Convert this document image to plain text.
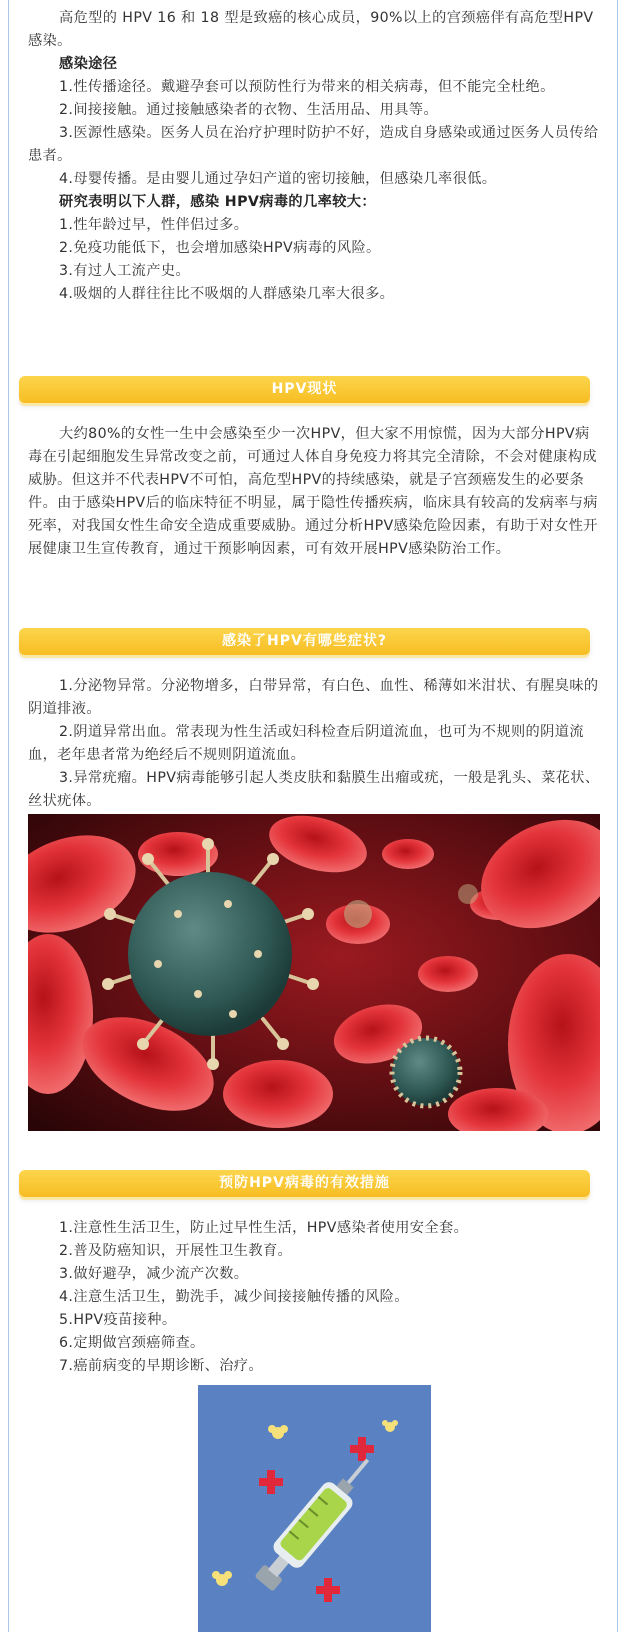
高危型的 HPV 16 和 18 型是致癌的核心成员，90%以上的宫颈癌伴有高危型HPV感染。

感染途径

1.性传播途径。戴避孕套可以预防性行为带来的相关病毒，但不能完全杜绝。

2.间接接触。通过接触感染者的衣物、生活用品、用具等。

3.医源性感染。医务人员在治疗护理时防护不好，造成自身感染或通过医务人员传给患者。

4.母婴传播。是由婴儿通过孕妇产道的密切接触，但感染几率很低。

研究表明以下人群，感染 HPV病毒的几率较大：

1.性年龄过早，性伴侣过多。

2.免疫功能低下，也会增加感染HPV病毒的风险。

3.有过人工流产史。

4.吸烟的人群往往比不吸烟的人群感染几率大很多。

HPV现状

大约80%的女性一生中会感染至少一次HPV，但大家不用惊慌，因为大部分HPV病毒在引起细胞发生异常改变之前，可通过人体自身免疫力将其完全清除，不会对健康构成威胁。但这并不代表HPV不可怕，高危型HPV的持续感染，就是子宫颈癌发生的必要条件。由于感染HPV后的临床特征不明显，属于隐性传播疾病，临床具有较高的发病率与病死率，对我国女性生命安全造成重要威胁。通过分析HPV感染危险因素，有助于对女性开展健康卫生宣传教育，通过干预影响因素，可有效开展HPV感染防治工作。

感染了HPV有哪些症状?

1.分泌物异常。分泌物增多，白带异常，有白色、血性、稀薄如米泔状、有腥臭味的阴道排液。

2.阴道异常出血。常表现为性生活或妇科检查后阴道流血，也可为不规则的阴道流血，老年患者常为绝经后不规则阴道流血。

3.异常疣瘤。HPV病毒能够引起人类皮肤和黏膜生出瘤或疣，一般是乳头、菜花状、丝状疣体。

预防HPV病毒的有效措施

1.注意性生活卫生，防止过早性生活，HPV感染者使用安全套。

2.普及防癌知识，开展性卫生教育。

3.做好避孕，减少流产次数。

4.注意生活卫生，勤洗手，减少间接接触传播的风险。

5.HPV疫苗接种。

6.定期做宫颈癌筛查。

7.癌前病变的早期诊断、治疗。
